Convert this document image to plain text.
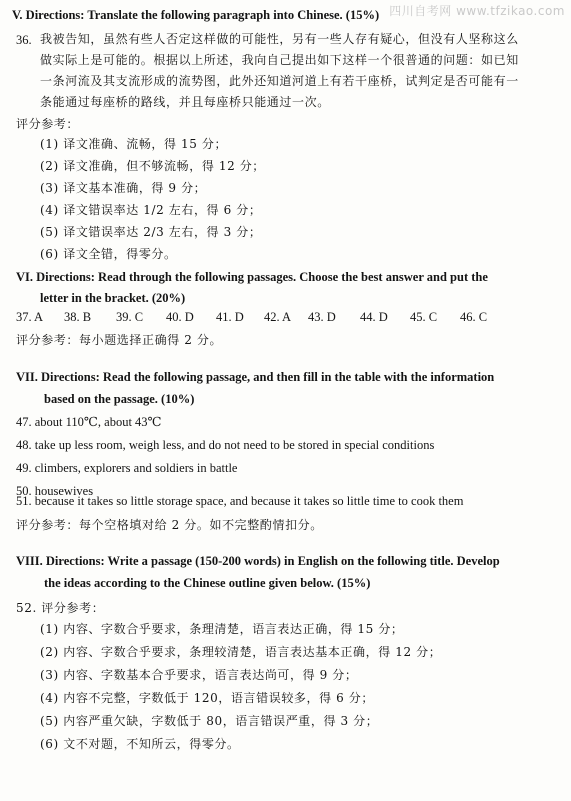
四川自考网 www.tfzikao.com
V. Directions: Translate the following paragraph into Chinese. (15%)
36. 我被告知，虽然有些人否定这样做的可能性，另有一些人存有疑心，但没有人坚称这么
做实际上是可能的。根据以上所述，我向自己提出如下这样一个很普通的问题：如已知
一条河流及其支流形成的流势图，此外还知道河道上有若干座桥，试判定是否可能有一
条能通过每座桥的路线，并且每座桥只能通过一次。
评分参考：
(1) 译文准确、流畅，得 15 分；
(2) 译文准确，但不够流畅，得 12 分；
(3) 译文基本准确，得 9 分；
(4) 译文错误率达 1/2 左右，得 6 分；
(5) 译文错误率达 2/3 左右，得 3 分；
(6) 译文全错，得零分。
VI. Directions: Read through the following passages. Choose the best answer and put the
letter in the bracket. (20%)
37. A 38. B 39. C 40. D 41. D 42. A 43. D 44. D 45. C 46. C
评分参考：每小题选择正确得 2 分。
VII. Directions: Read the following passage, and then fill in the table with the information
based on the passage. (10%)
47. about 110℃, about 43℃
48. take up less room, weigh less, and do not need to be stored in special conditions
49. climbers, explorers and soldiers in battle
50. housewives
51. because it takes so little storage space, and because it takes so little time to cook them
评分参考：每个空格填对给 2 分。如不完整酌情扣分。
VIII. Directions: Write a passage (150-200 words) in English on the following title. Develop
the ideas according to the Chinese outline given below. (15%)
52. 评分参考：
(1) 内容、字数合乎要求，条理清楚，语言表达正确，得 15 分；
(2) 内容、字数合乎要求，条理较清楚，语言表达基本正确，得 12 分；
(3) 内容、字数基本合乎要求，语言表达尚可，得 9 分；
(4) 内容不完整，字数低于 120，语言错误较多，得 6 分；
(5) 内容严重欠缺，字数低于 80，语言错误严重，得 3 分；
(6) 文不对题，不知所云，得零分。
